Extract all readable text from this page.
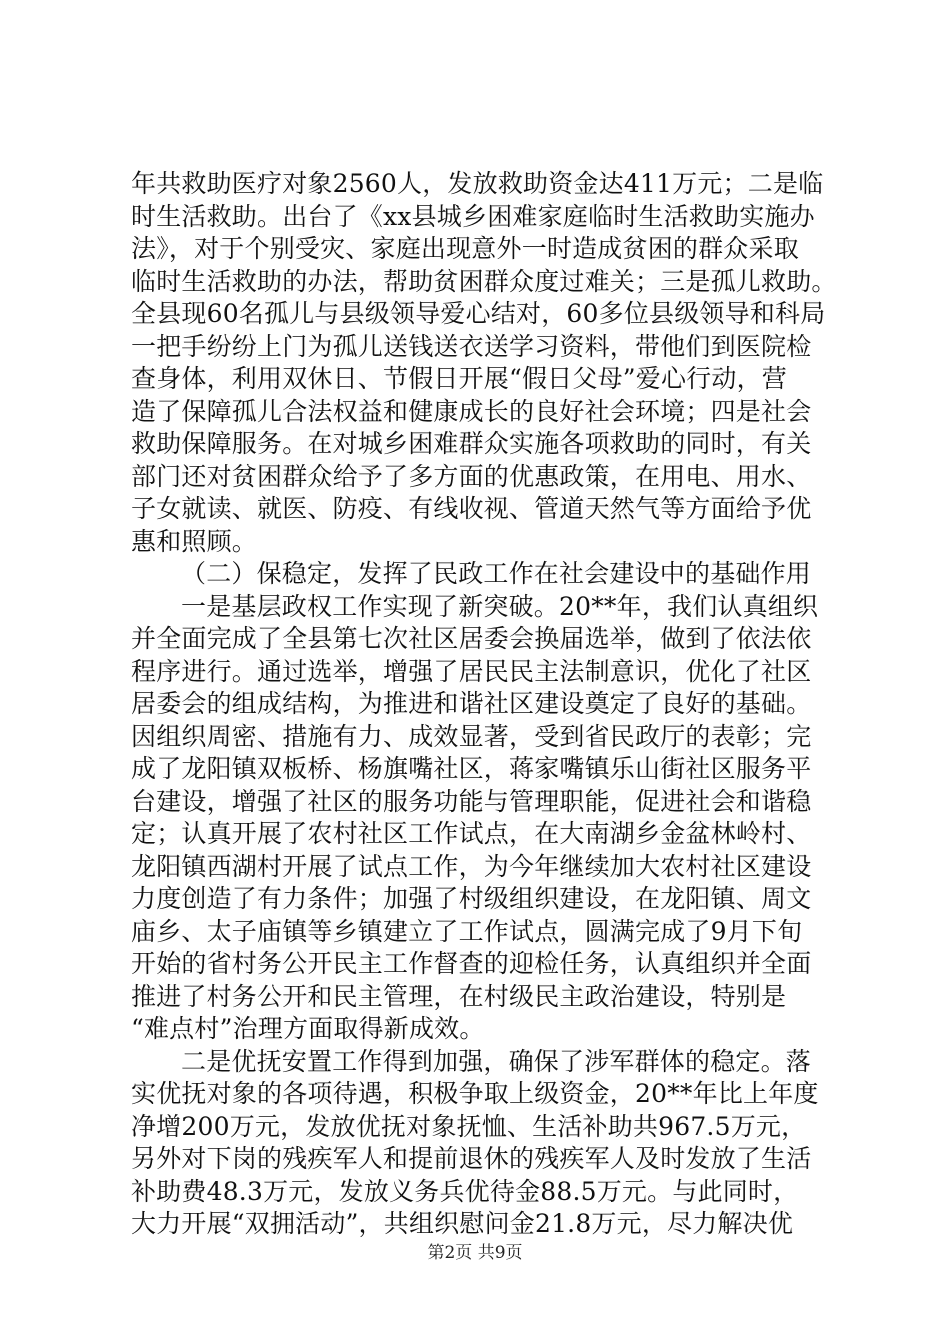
年共救助医疗对象2560人，发放救助资金达411万元；二是临
时生活救助。出台了《xx县城乡困难家庭临时生活救助实施办
法》，对于个别受灾、家庭出现意外一时造成贫困的群众采取
临时生活救助的办法，帮助贫困群众度过难关；三是孤儿救助。
全县现60名孤儿与县级领导爱心结对，60多位县级领导和科局
一把手纷纷上门为孤儿送钱送衣送学习资料，带他们到医院检
查身体，利用双休日、节假日开展“假日父母”爱心行动，营
造了保障孤儿合法权益和健康成长的良好社会环境；四是社会
救助保障服务。在对城乡困难群众实施各项救助的同时，有关
部门还对贫困群众给予了多方面的优惠政策，在用电、用水、
子女就读、就医、防疫、有线收视、管道天然气等方面给予优
惠和照顾。
（二）保稳定，发挥了民政工作在社会建设中的基础作用
一是基层政权工作实现了新突破。20**年，我们认真组织
并全面完成了全县第七次社区居委会换届选举，做到了依法依
程序进行。通过选举，增强了居民民主法制意识，优化了社区
居委会的组成结构，为推进和谐社区建设奠定了良好的基础。
因组织周密、措施有力、成效显著，受到省民政厅的表彰；完
成了龙阳镇双板桥、杨旗嘴社区，蒋家嘴镇乐山街社区服务平
台建设，增强了社区的服务功能与管理职能，促进社会和谐稳
定；认真开展了农村社区工作试点，在大南湖乡金盆林岭村、
龙阳镇西湖村开展了试点工作，为今年继续加大农村社区建设
力度创造了有力条件；加强了村级组织建设，在龙阳镇、周文
庙乡、太子庙镇等乡镇建立了工作试点，圆满完成了9月下旬
开始的省村务公开民主工作督查的迎检任务，认真组织并全面
推进了村务公开和民主管理，在村级民主政治建设，特别是
“难点村”治理方面取得新成效。
二是优抚安置工作得到加强，确保了涉军群体的稳定。落
实优抚对象的各项待遇，积极争取上级资金，20**年比上年度
净增200万元，发放优抚对象抚恤、生活补助共967.5万元，
另外对下岗的残疾军人和提前退休的残疾军人及时发放了生活
补助费48.3万元，发放义务兵优待金88.5万元。与此同时，
大力开展“双拥活动”，共组织慰问金21.8万元，尽力解决优
第2页 共9页
